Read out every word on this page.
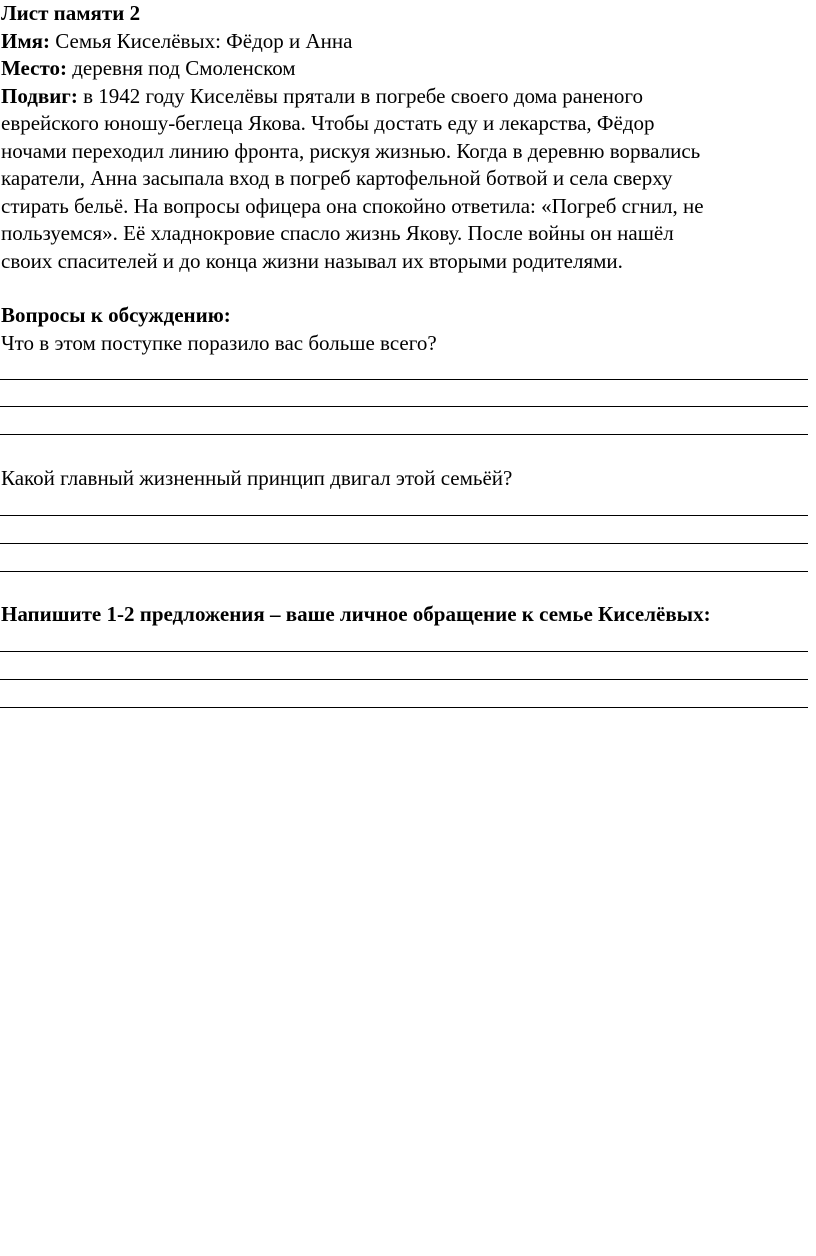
Лист памяти 2
Имя: Семья Киселёвых: Фёдор и Анна
Место: деревня под Смоленском
Подвиг: в 1942 году Киселёвы прятали в погребе своего дома раненого
еврейского юношу-беглеца Якова. Чтобы достать еду и лекарства, Фёдор
ночами переходил линию фронта, рискуя жизнью. Когда в деревню ворвались
каратели, Анна засыпала вход в погреб картофельной ботвой и села сверху
стирать бельё. На вопросы офицера она спокойно ответила: «Погреб сгнил, не
пользуемся». Её хладнокровие спасло жизнь Якову. После войны он нашёл
своих спасителей и до конца жизни называл их вторыми родителями.

Вопросы к обсуждению:
Что в этом поступке поразило вас больше всего?

Какой главный жизненный принцип двигал этой семьёй?

Напишите 1-2 предложения – ваше личное обращение к семье Киселёвых:
